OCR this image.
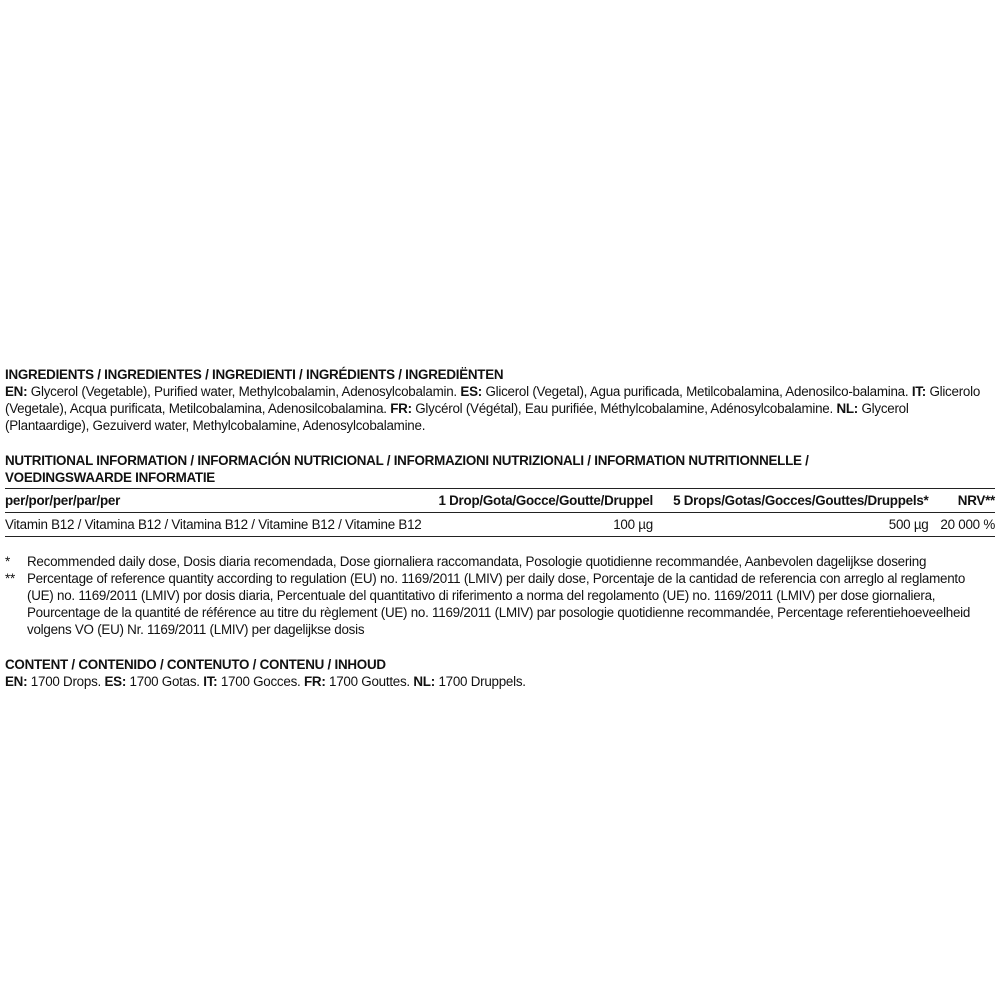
INGREDIENTS / INGREDIENTES / INGREDIENTI / INGRÉDIENTS / INGREDIËNTEN

EN: Glycerol (Vegetable), Purified water, Methylcobalamin, Adenosylcobalamin. ES: Glicerol (Vegetal), Agua purificada, Metilcobalamina, Adenosilco-balamina. IT: Glicerolo (Vegetale), Acqua purificata, Metilcobalamina, Adenosilcobalamina. FR: Glycérol (Végétal), Eau purifiée, Méthylcobalamine, Adénosylcobalamine. NL: Glycerol (Plantaardige), Gezuiverd water, Methylcobalamine, Adenosylcobalamine.

NUTRITIONAL INFORMATION / INFORMACIÓN NUTRICIONAL / INFORMAZIONI NUTRIZIONALI / INFORMATION NUTRITIONNELLE /

VOEDINGSWAARDE INFORMATIE

per/por/per/par/per	1 Drop/Gota/Gocce/Goutte/Druppel	5 Drops/Gotas/Gocces/Gouttes/Druppels*	NRV**
Vitamin B12 / Vitamina B12 / Vitamina B12 / Vitamine B12 / Vitamine B12	100 µg	500 µg	20 000 %
*	Recommended daily dose, Dosis diaria recomendada, Dose giornaliera raccomandata, Posologie quotidienne recommandée, Aanbevolen dagelijkse dosering
** Percentage of reference quantity according to regulation (EU) no. 1169/2011 (LMIV) per daily dose, Porcentaje de la cantidad de referencia con arreglo al reglamento (UE) no. 1169/2011 (LMIV) por dosis diaria, Percentuale del quantitativo di riferimento a norma del regolamento (UE) no. 1169/2011 (LMIV) per dose giornaliera, Pourcentage de la quantité de référence au titre du règlement (UE) no. 1169/2011 (LMIV) par posologie quotidienne recommandée, Percentage referentiehoeveelheid volgens VO (EU) Nr. 1169/2011 (LMIV) per dagelijkse dosis

CONTENT / CONTENIDO / CONTENUTO / CONTENU / INHOUD

EN: 1700 Drops. ES: 1700 Gotas. IT: 1700 Gocces. FR: 1700 Gouttes. NL: 1700 Druppels.
